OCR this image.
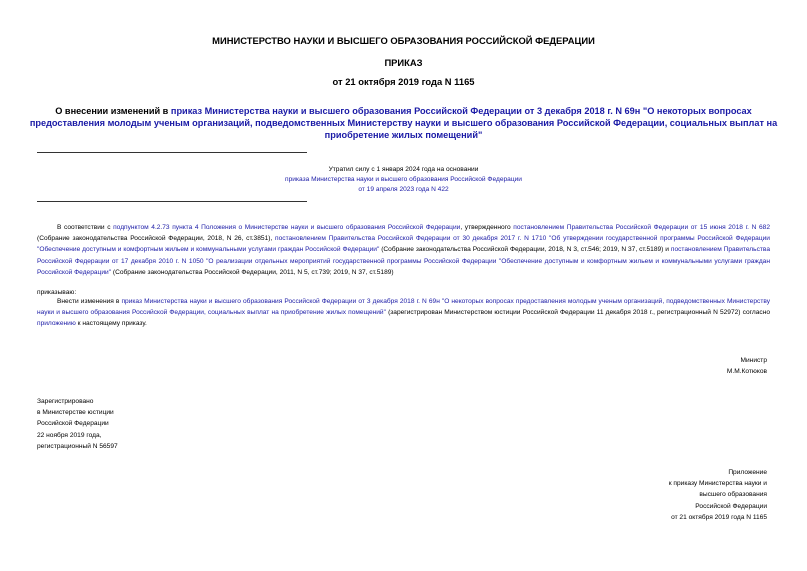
МИНИСТЕРСТВО НАУКИ И ВЫСШЕГО ОБРАЗОВАНИЯ РОССИЙСКОЙ ФЕДЕРАЦИИ
ПРИКАЗ
от 21 октября 2019 года N 1165
О внесении изменений в приказ Министерства науки и высшего образования Российской Федерации от 3 декабря 2018 г. N 69н "О некоторых вопросах предоставления молодым ученым организаций, подведомственных Министерству науки и высшего образования Российской Федерации, социальных выплат на приобретение жилых помещений"
Утратил силу с 1 января 2024 года на основании
приказа Министерства науки и высшего образования Российской Федерации
от 19 апреля 2023 года N 422
В соответствии с подпунктом 4.2.73 пункта 4 Положения о Министерстве науки и высшего образования Российской Федерации, утвержденного постановлением Правительства Российской Федерации от 15 июня 2018 г. N 682 (Собрание законодательства Российской Федерации, 2018, N 26, ст.3851), постановлением Правительства Российской Федерации от 30 декабря 2017 г. N 1710 "Об утверждении государственной программы Российской Федерации "Обеспечение доступным и комфортным жильем и коммунальными услугами граждан Российской Федерации" (Собрание законодательства Российской Федерации, 2018, N 3, ст.546; 2019, N 37, ст.5189) и постановлением Правительства Российской Федерации от 17 декабря 2010 г. N 1050 "О реализации отдельных мероприятий государственной программы Российской Федерации "Обеспечение доступным и комфортным жильем и коммунальными услугами граждан Российской Федерации" (Собрание законодательства Российской Федерации, 2011, N 5, ст.739; 2019, N 37, ст.5189)
приказываю:
Внести изменения в приказ Министерства науки и высшего образования Российской Федерации от 3 декабря 2018 г. N 69н "О некоторых вопросах предоставления молодым ученым организаций, подведомственных Министерству науки и высшего образования Российской Федерации, социальных выплат на приобретение жилых помещений" (зарегистрирован Министерством юстиции Российской Федерации 11 декабря 2018 г., регистрационный N 52972) согласно приложению к настоящему приказу.
Министр
М.М.Котюков
Зарегистрировано
в Министерстве юстиции
Российской Федерации
22 ноября 2019 года,
регистрационный N 56597
Приложение
к приказу Министерства науки и
высшего образования
Российской Федерации
от 21 октября 2019 года N 1165
